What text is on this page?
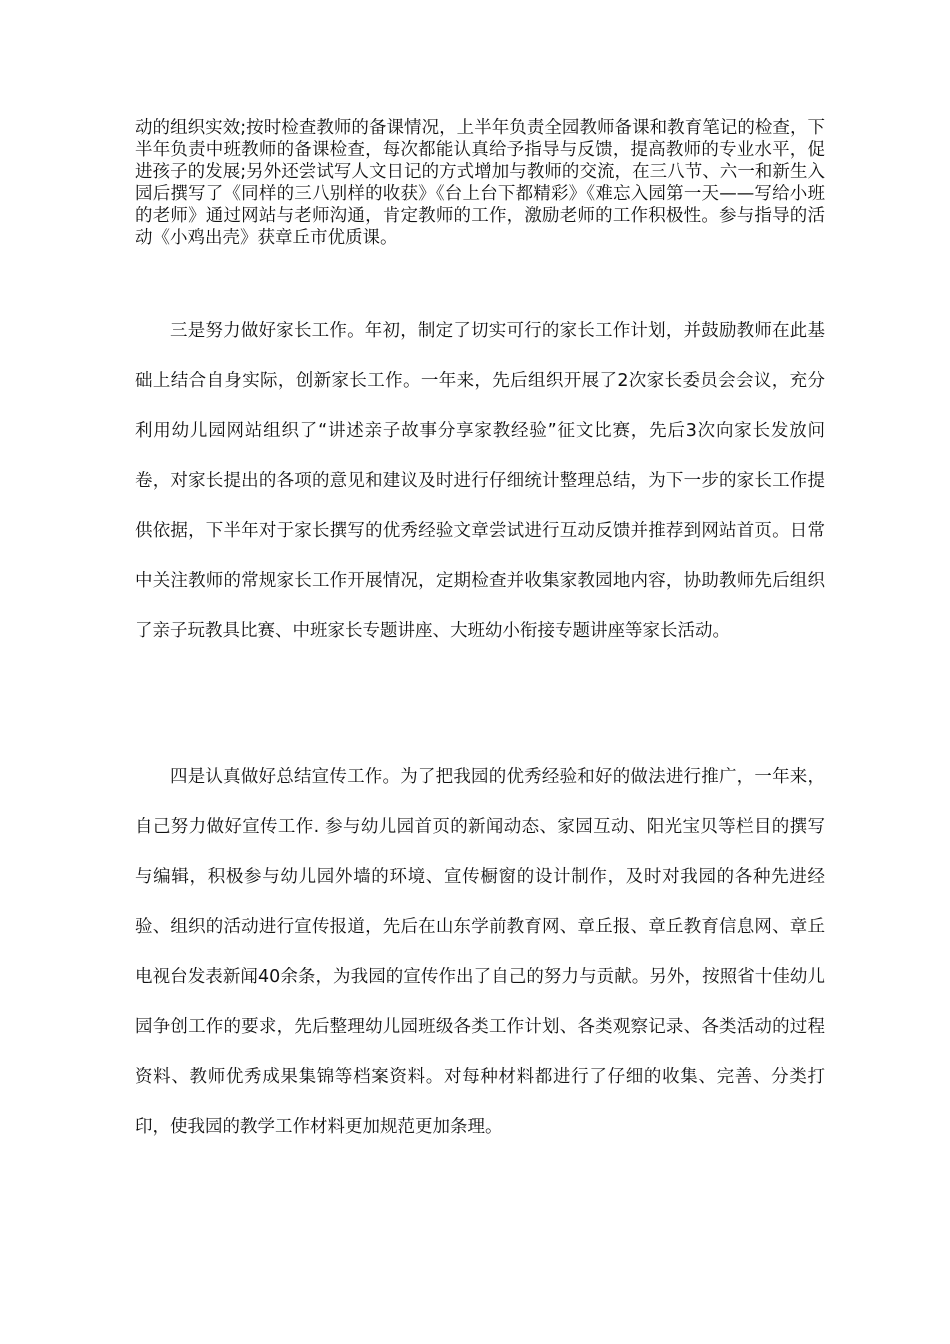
动的组织实效;按时检查教师的备课情况，上半年负责全园教师备课和教育笔记的检查，下半年负责中班教师的备课检查，每次都能认真给予指导与反馈，提高教师的专业水平，促进孩子的发展;另外还尝试写人文日记的方式增加与教师的交流，在三八节、六一和新生入园后撰写了《同样的三八别样的收获》《台上台下都精彩》《难忘入园第一天——写给小班的老师》通过网站与老师沟通，肯定教师的工作，激励老师的工作积极性。参与指导的活动《小鸡出壳》获章丘市优质课。

三是努力做好家长工作。年初，制定了切实可行的家长工作计划，并鼓励教师在此基础上结合自身实际，创新家长工作。一年来，先后组织开展了2次家长委员会会议，充分利用幼儿园网站组织了“讲述亲子故事分享家教经验”征文比赛，先后3次向家长发放问卷，对家长提出的各项的意见和建议及时进行仔细统计整理总结，为下一步的家长工作提供依据，下半年对于家长撰写的优秀经验文章尝试进行互动反馈并推荐到网站首页。日常中关注教师的常规家长工作开展情况，定期检查并收集家教园地内容，协助教师先后组织了亲子玩教具比赛、中班家长专题讲座、大班幼小衔接专题讲座等家长活动。

四是认真做好总结宣传工作。为了把我园的优秀经验和好的做法进行推广，一年来，自己努力做好宣传工作. 参与幼儿园首页的新闻动态、家园互动、阳光宝贝等栏目的撰写与编辑，积极参与幼儿园外墙的环境、宣传橱窗的设计制作，及时对我园的各种先进经验、组织的活动进行宣传报道，先后在山东学前教育网、章丘报、章丘教育信息网、章丘电视台发表新闻40余条，为我园的宣传作出了自己的努力与贡献。另外，按照省十佳幼儿园争创工作的要求，先后整理幼儿园班级各类工作计划、各类观察记录、各类活动的过程资料、教师优秀成果集锦等档案资料。对每种材料都进行了仔细的收集、完善、分类打印，使我园的教学工作材料更加规范更加条理。
